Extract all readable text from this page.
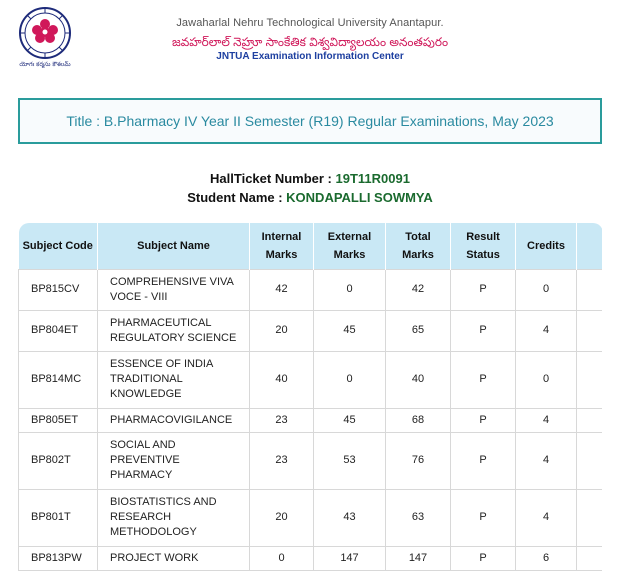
యోగః కర్మసు కౌశలమ్
Jawaharlal Nehru Technological University Anantapur.
జవహర్‌లాల్ నెహ్రూ సాంకేతిక విశ్వవిద్యాలయం అనంతపురం
JNTUA Examination Information Center
Title : B.Pharmacy IV Year II Semester (R19) Regular Examinations, May 2023
HallTicket Number : 19T11R0091
Student Name : KONDAPALLI SOWMYA
Subject Code	Subject Name	Internal Marks	External Marks	Total Marks	Result Status	Credits	
BP815CV	COMPREHENSIVE VIVA VOCE - VIII	42	0	42	P	0	
BP804ET	PHARMACEUTICAL REGULATORY SCIENCE	20	45	65	P	4	
BP814MC	ESSENCE OF INDIA TRADITIONAL KNOWLEDGE	40	0	40	P	0	
BP805ET	PHARMACOVIGILANCE	23	45	68	P	4	
BP802T	SOCIAL AND PREVENTIVE PHARMACY	23	53	76	P	4	
BP801T	BIOSTATISTICS AND RESEARCH METHODOLOGY	20	43	63	P	4	
BP813PW	PROJECT WORK	0	147	147	P	6	
